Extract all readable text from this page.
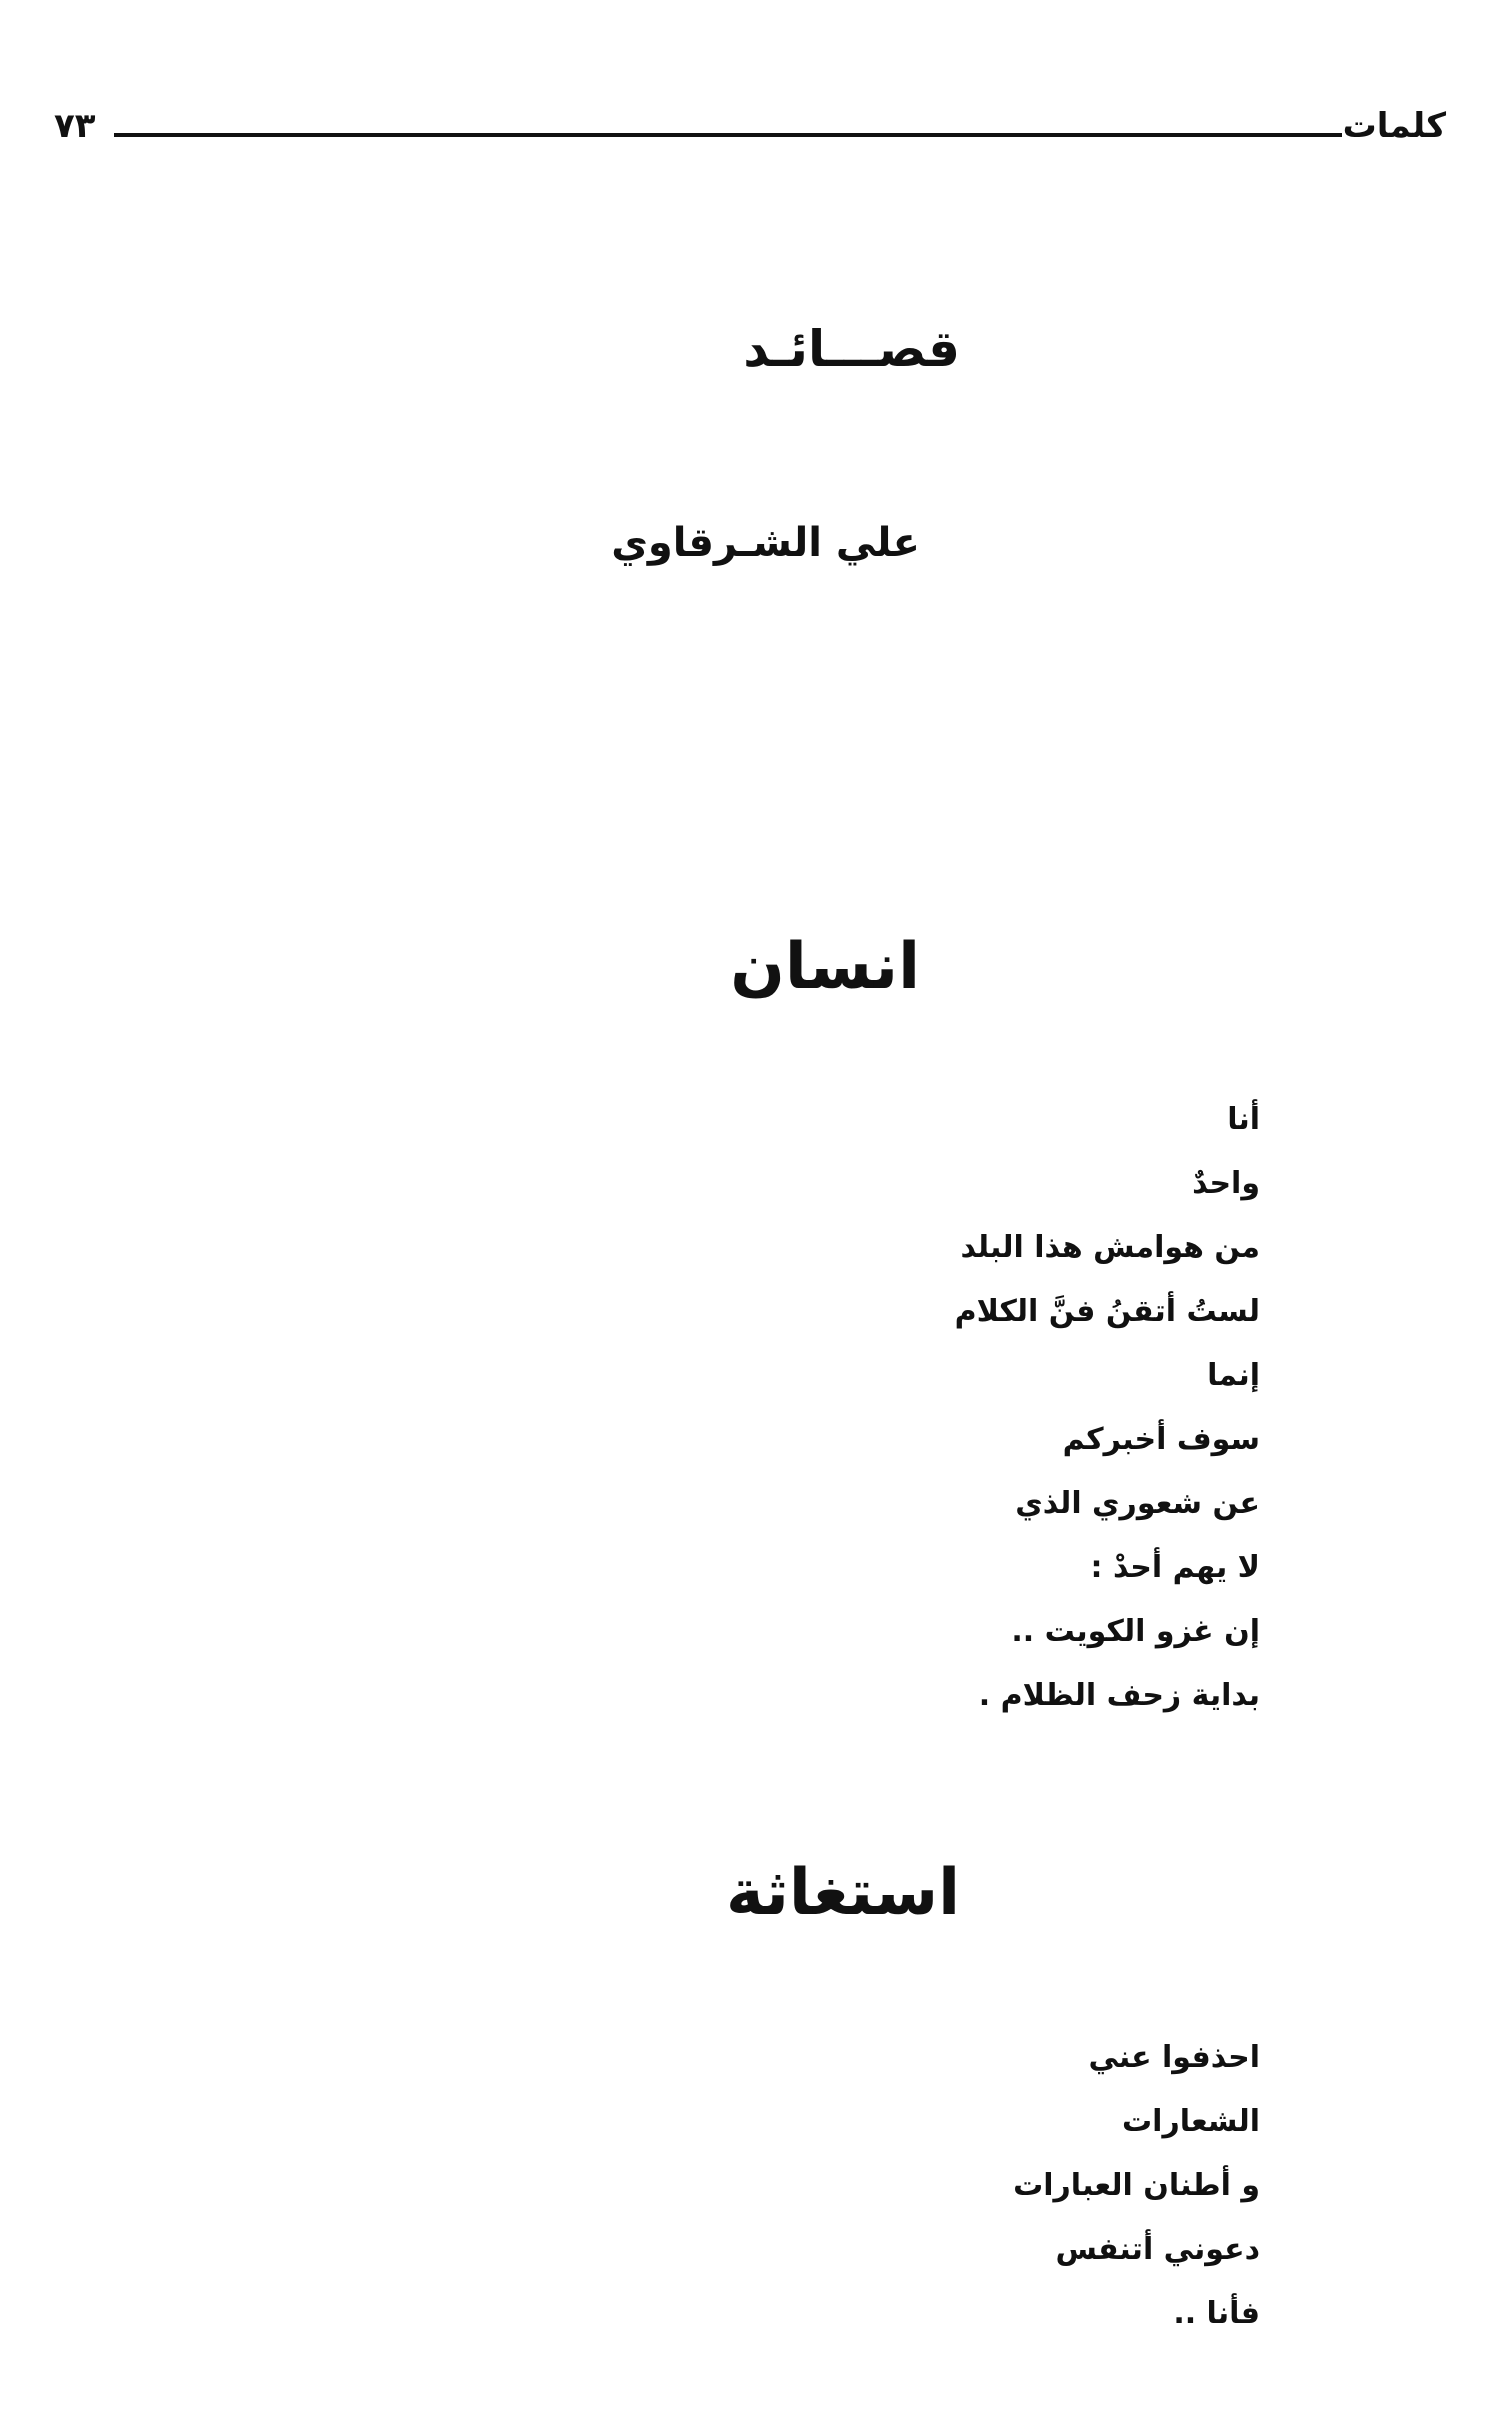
٧٣	كلمات
قصـــائـد
علي الشـرقاوي
انسان
أنا
واحدٌ
من هوامش هذا البلد
لستُ أتقنُ فنَّ الكلام
إنما
سوف أخبركم
عن شعوري الذي
لا يهم أحدْ :
إن غزو الكويت ..
بداية زحف الظلام .
استغاثة
احذفوا عني
الشعارات
و أطنان العبارات
دعوني أتنفس
فأنا ..
